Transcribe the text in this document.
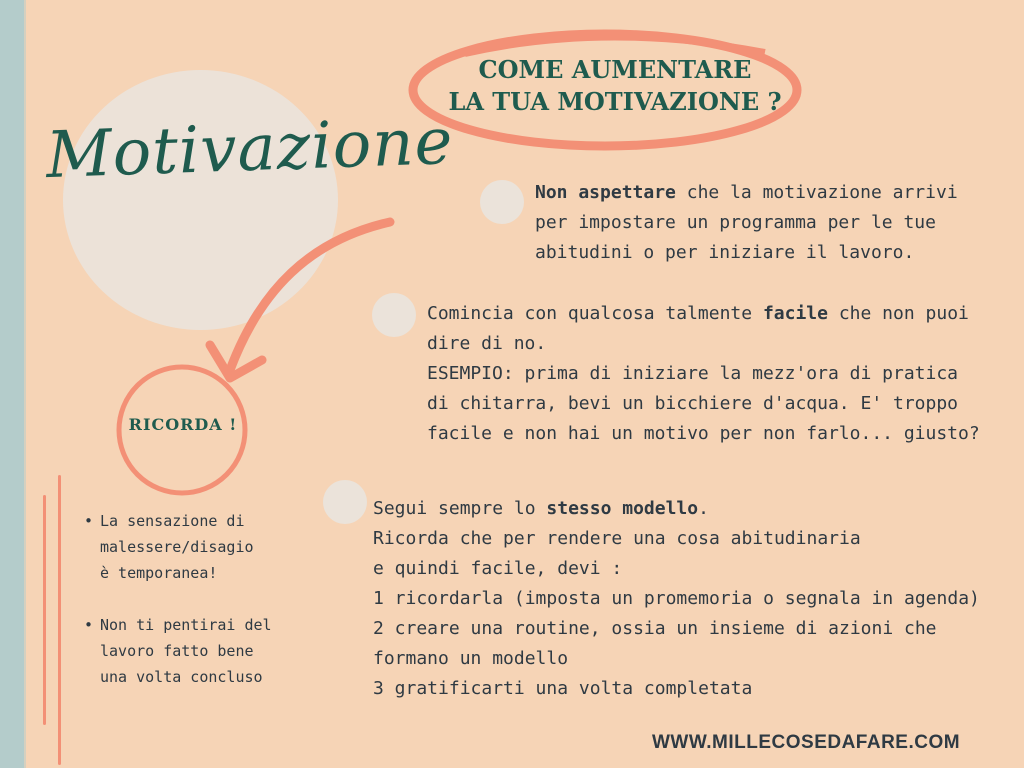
Motivazione
COME AUMENTARE
LA TUA MOTIVAZIONE ?
Non aspettare che la motivazione arrivi
per impostare un programma per le tue
abitudini o per iniziare il lavoro.
Comincia con qualcosa talmente facile che non puoi
dire di no.
ESEMPIO: prima di iniziare la mezz'ora di pratica
di chitarra, bevi un bicchiere d'acqua. E' troppo
facile e non hai un motivo per non farlo... giusto?
Segui sempre lo stesso modello.
Ricorda che per rendere una cosa abitudinaria
e quindi facile, devi :
1 ricordarla (imposta un promemoria o segnala in agenda)
2 creare una routine, ossia un insieme di azioni che
formano un modello
3 gratificarti una volta completata
RICORDA !
• La sensazione di
malessere/disagio
è temporanea!
• Non ti pentirai del
lavoro fatto bene
una volta concluso
WWW.MILLECOSEDAFARE.COM
